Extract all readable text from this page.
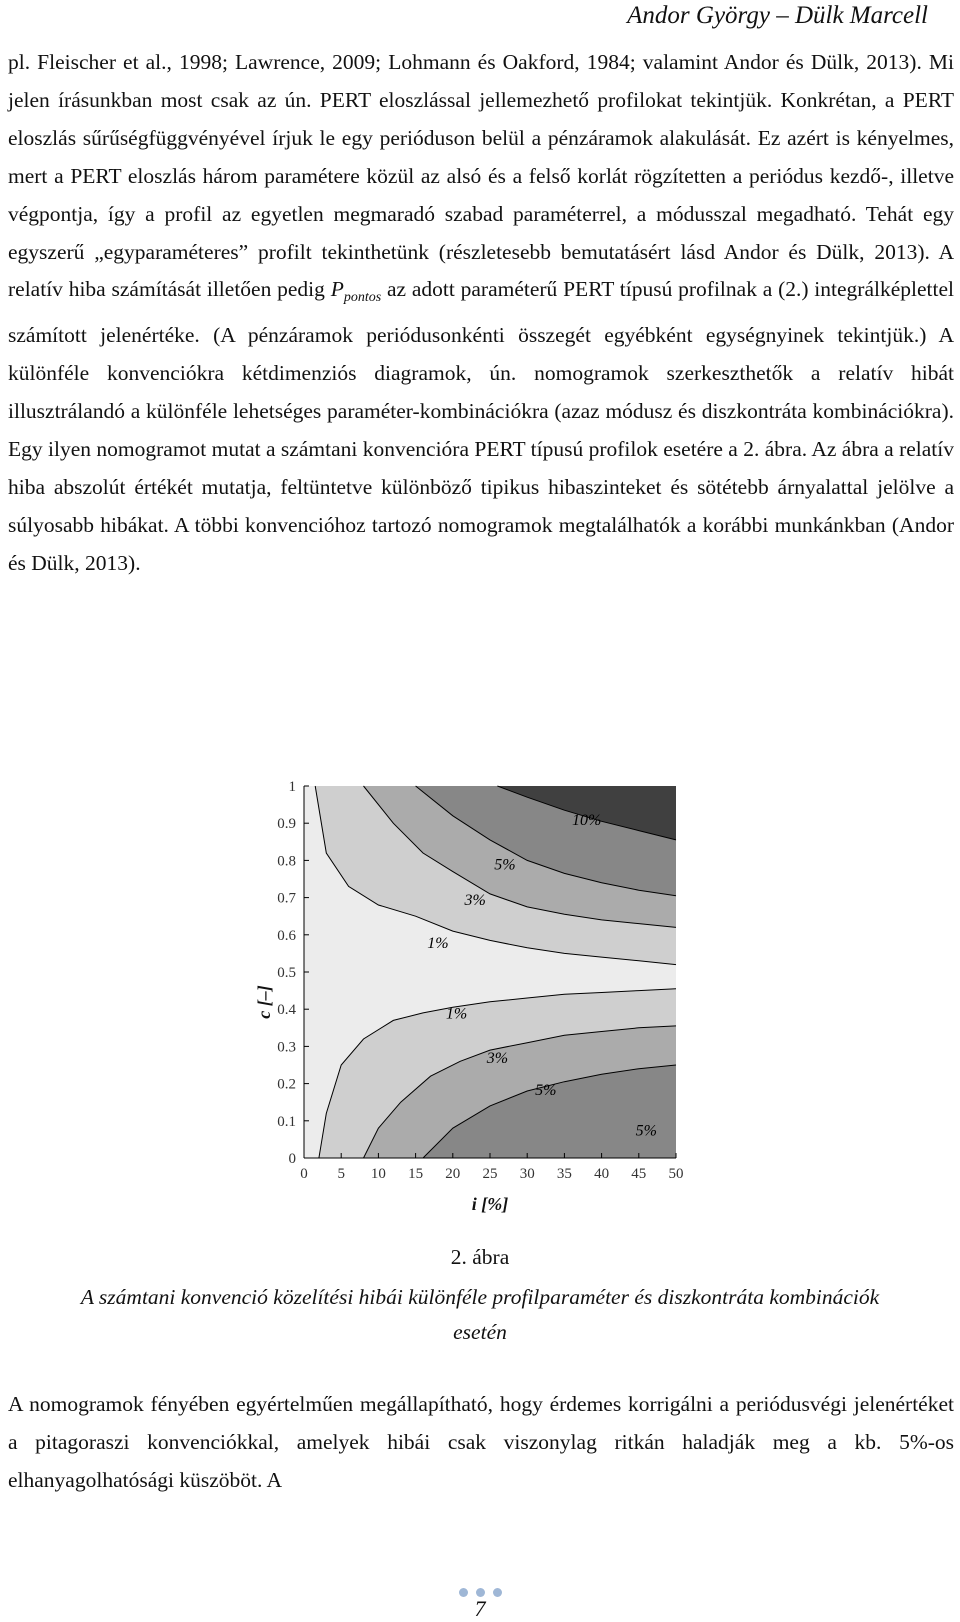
Andor György – Dülk Marcell

pl. Fleischer et al., 1998; Lawrence, 2009; Lohmann és Oakford, 1984; valamint Andor és Dülk, 2013). Mi jelen írásunkban most csak az ún. PERT eloszlással jellemezhető profilokat tekintjük. Konkrétan, a PERT eloszlás sűrűségfüggvényével írjuk le egy perióduson belül a pénzáramok alakulását. Ez azért is kényelmes, mert a PERT eloszlás három paramétere közül az alsó és a felső korlát rögzítetten a periódus kezdő-, illetve végpontja, így a profil az egyetlen megmaradó szabad paraméterrel, a módusszal megadható. Tehát egy egyszerű „egyparaméteres” profilt tekinthetünk (részletesebb bemutatásért lásd Andor és Dülk, 2013). A relatív hiba számítását illetően pedig $P_{pontos}$ az adott paraméterű PERT típusú profilnak a (2.) integrálképlettel számított jelenértéke. (A pénzáramok periódusonkénti összegét egyébként egységnyinek tekintjük.) A különféle konvenciókra kétdimenziós diagramok, ún. nomogramok szerkeszthetők a relatív hibát illusztrálandó a különféle lehetséges paraméter-kombinációkra (azaz módusz és diszkontráta kombinációkra). Egy ilyen nomogramot mutat a számtani konvencióra PERT típusú profilok esetére a 2. ábra. Az ábra a relatív hiba abszolút értékét mutatja, feltüntetve különböző tipikus hibaszinteket és sötétebb árnyalattal jelölve a súlyosabb hibákat. A többi konvencióhoz tartozó nomogramok megtalálhatók a korábbi munkánkban (Andor és Dülk, 2013).

0 5 10 15 20 25 30 35 40 45 50
0
0.1
0.2
0.3
0.4
0.5
0.6
0.7
0.8
0.9
1
10%
5%
3%
1%
1%
3%
5%
5%
i [%]
c [–]
2. ábra
A számtani konvenció közelítési hibái különféle profilparaméter és diszkontráta kombinációk esetén

A nomogramok fényében egyértelműen megállapítható, hogy érdemes korrigálni a periódusvégi jelenértéket a pitagoraszi konvenciókkal, amelyek hibái csak viszonylag ritkán haladják meg a kb. 5%-os elhanyagolhatósági küszöböt. A

7
